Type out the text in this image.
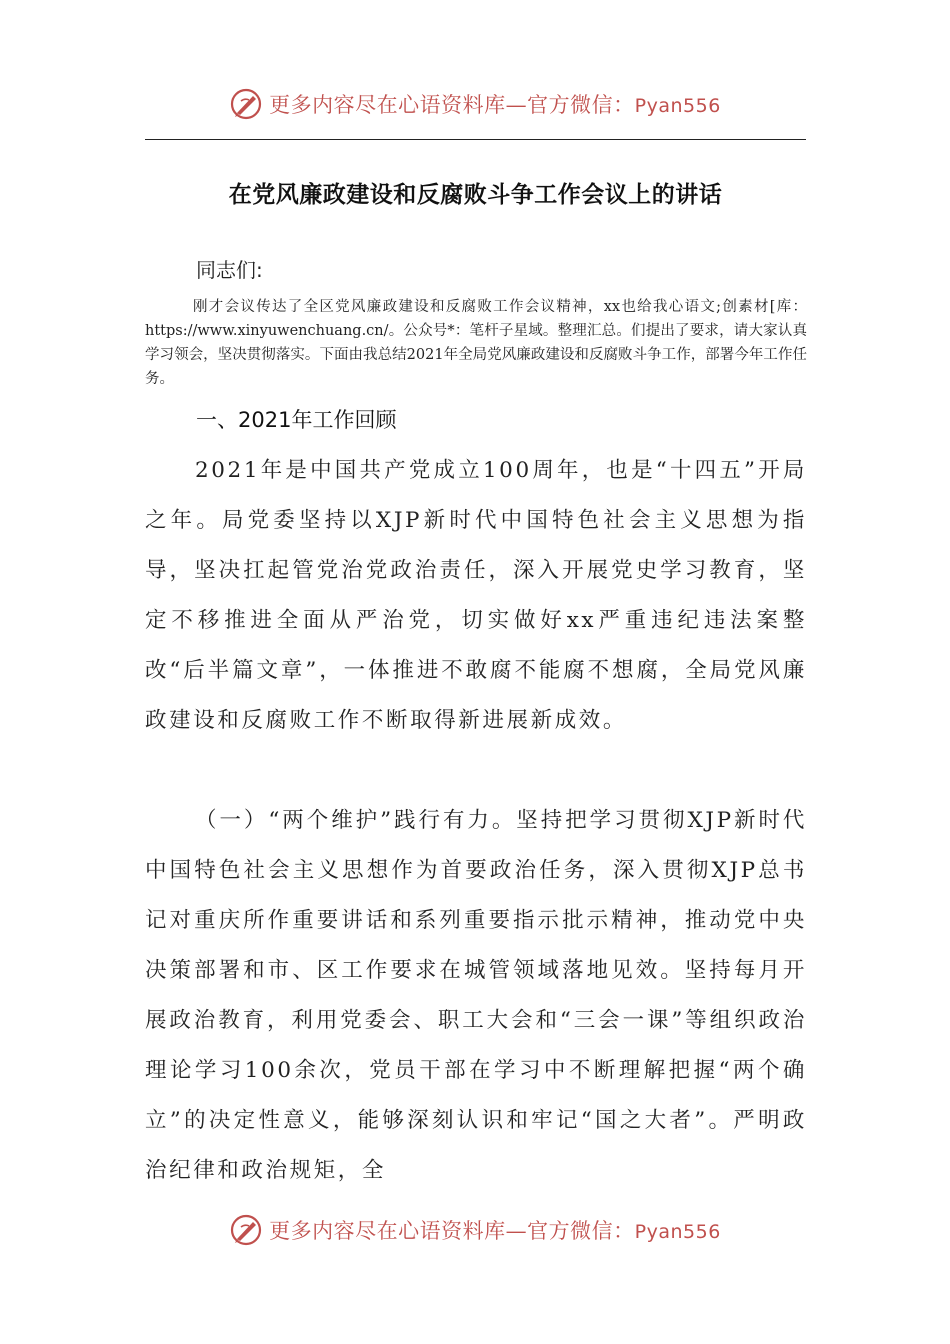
更多内容尽在心语资料库—官方微信：Pyan556
在党风廉政建设和反腐败斗争工作会议上的讲话
同志们:
刚才会议传达了全区党风廉政建设和反腐败工作会议精神，xx也给我心语文;创素材[库：https://www.xinyuwenchuang.cn/。公众号*：笔杆子星域。整理汇总。们提出了要求，请大家认真学习领会，坚决贯彻落实。下面由我总结2021年全局党风廉政建设和反腐败斗争工作，部署今年工作任务。
一、2021年工作回顾
2021年是中国共产党成立100周年，也是“十四五”开局之年。局党委坚持以XJP新时代中国特色社会主义思想为指导，坚决扛起管党治党政治责任，深入开展党史学习教育，坚定不移推进全面从严治党，切实做好xx严重违纪违法案整改“后半篇文章”，一体推进不敢腐不能腐不想腐，全局党风廉政建设和反腐败工作不断取得新进展新成效。
（一）“两个维护”践行有力。坚持把学习贯彻XJP新时代中国特色社会主义思想作为首要政治任务，深入贯彻XJP总书记对重庆所作重要讲话和系列重要指示批示精神，推动党中央决策部署和市、区工作要求在城管领域落地见效。坚持每月开展政治教育，利用党委会、职工大会和“三会一课”等组织政治理论学习100余次，党员干部在学习中不断理解把握“两个确立”的决定性意义，能够深刻认识和牢记“国之大者”。严明政治纪律和政治规矩，全
更多内容尽在心语资料库—官方微信：Pyan556
